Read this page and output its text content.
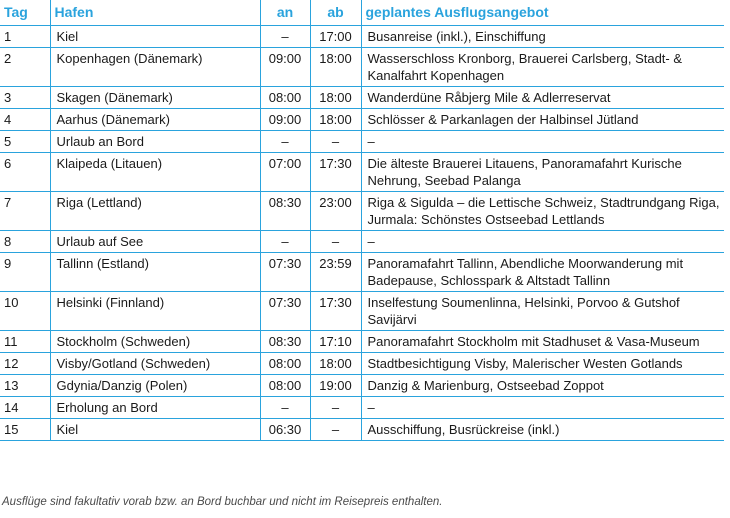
Tag	Hafen	an	ab	geplantes Ausflugsangebot
1	Kiel	–	17:00	Busanreise (inkl.), Einschiffung
2	Kopenhagen (Dänemark)	09:00	18:00	Wasserschloss Kronborg, Brauerei Carlsberg, Stadt- & Kanalfahrt Kopenhagen
3	Skagen (Dänemark)	08:00	18:00	Wanderdüne Råbjerg Mile & Adlerreservat
4	Aarhus (Dänemark)	09:00	18:00	Schlösser & Parkanlagen der Halbinsel Jütland
5	Urlaub an Bord	–	–	–
6	Klaipeda (Litauen)	07:00	17:30	Die älteste Brauerei Litauens, Panoramafahrt Kurische Nehrung, Seebad Palanga
7	Riga (Lettland)	08:30	23:00	Riga & Sigulda – die Lettische Schweiz, Stadtrundgang Riga, Jurmala: Schönstes Ostseebad Lettlands
8	Urlaub auf See	–	–	–
9	Tallinn (Estland)	07:30	23:59	Panoramafahrt Tallinn, Abendliche Moorwanderung mit Badepause, Schlosspark & Altstadt Tallinn
10	Helsinki (Finnland)	07:30	17:30	Inselfestung Soumenlinna, Helsinki, Porvoo & Gutshof Savijärvi
11	Stockholm (Schweden)	08:30	17:10	Panoramafahrt Stockholm mit Stadhuset & Vasa-Museum
12	Visby/Gotland (Schweden)	08:00	18:00	Stadtbesichtigung Visby, Malerischer Westen Gotlands
13	Gdynia/Danzig (Polen)	08:00	19:00	Danzig & Marienburg, Ostseebad Zoppot
14	Erholung an Bord	–	–	–
15	Kiel	06:30	–	Ausschiffung, Busrückreise (inkl.)
Ausflüge sind fakultativ vorab bzw. an Bord buchbar und nicht im Reisepreis enthalten.
